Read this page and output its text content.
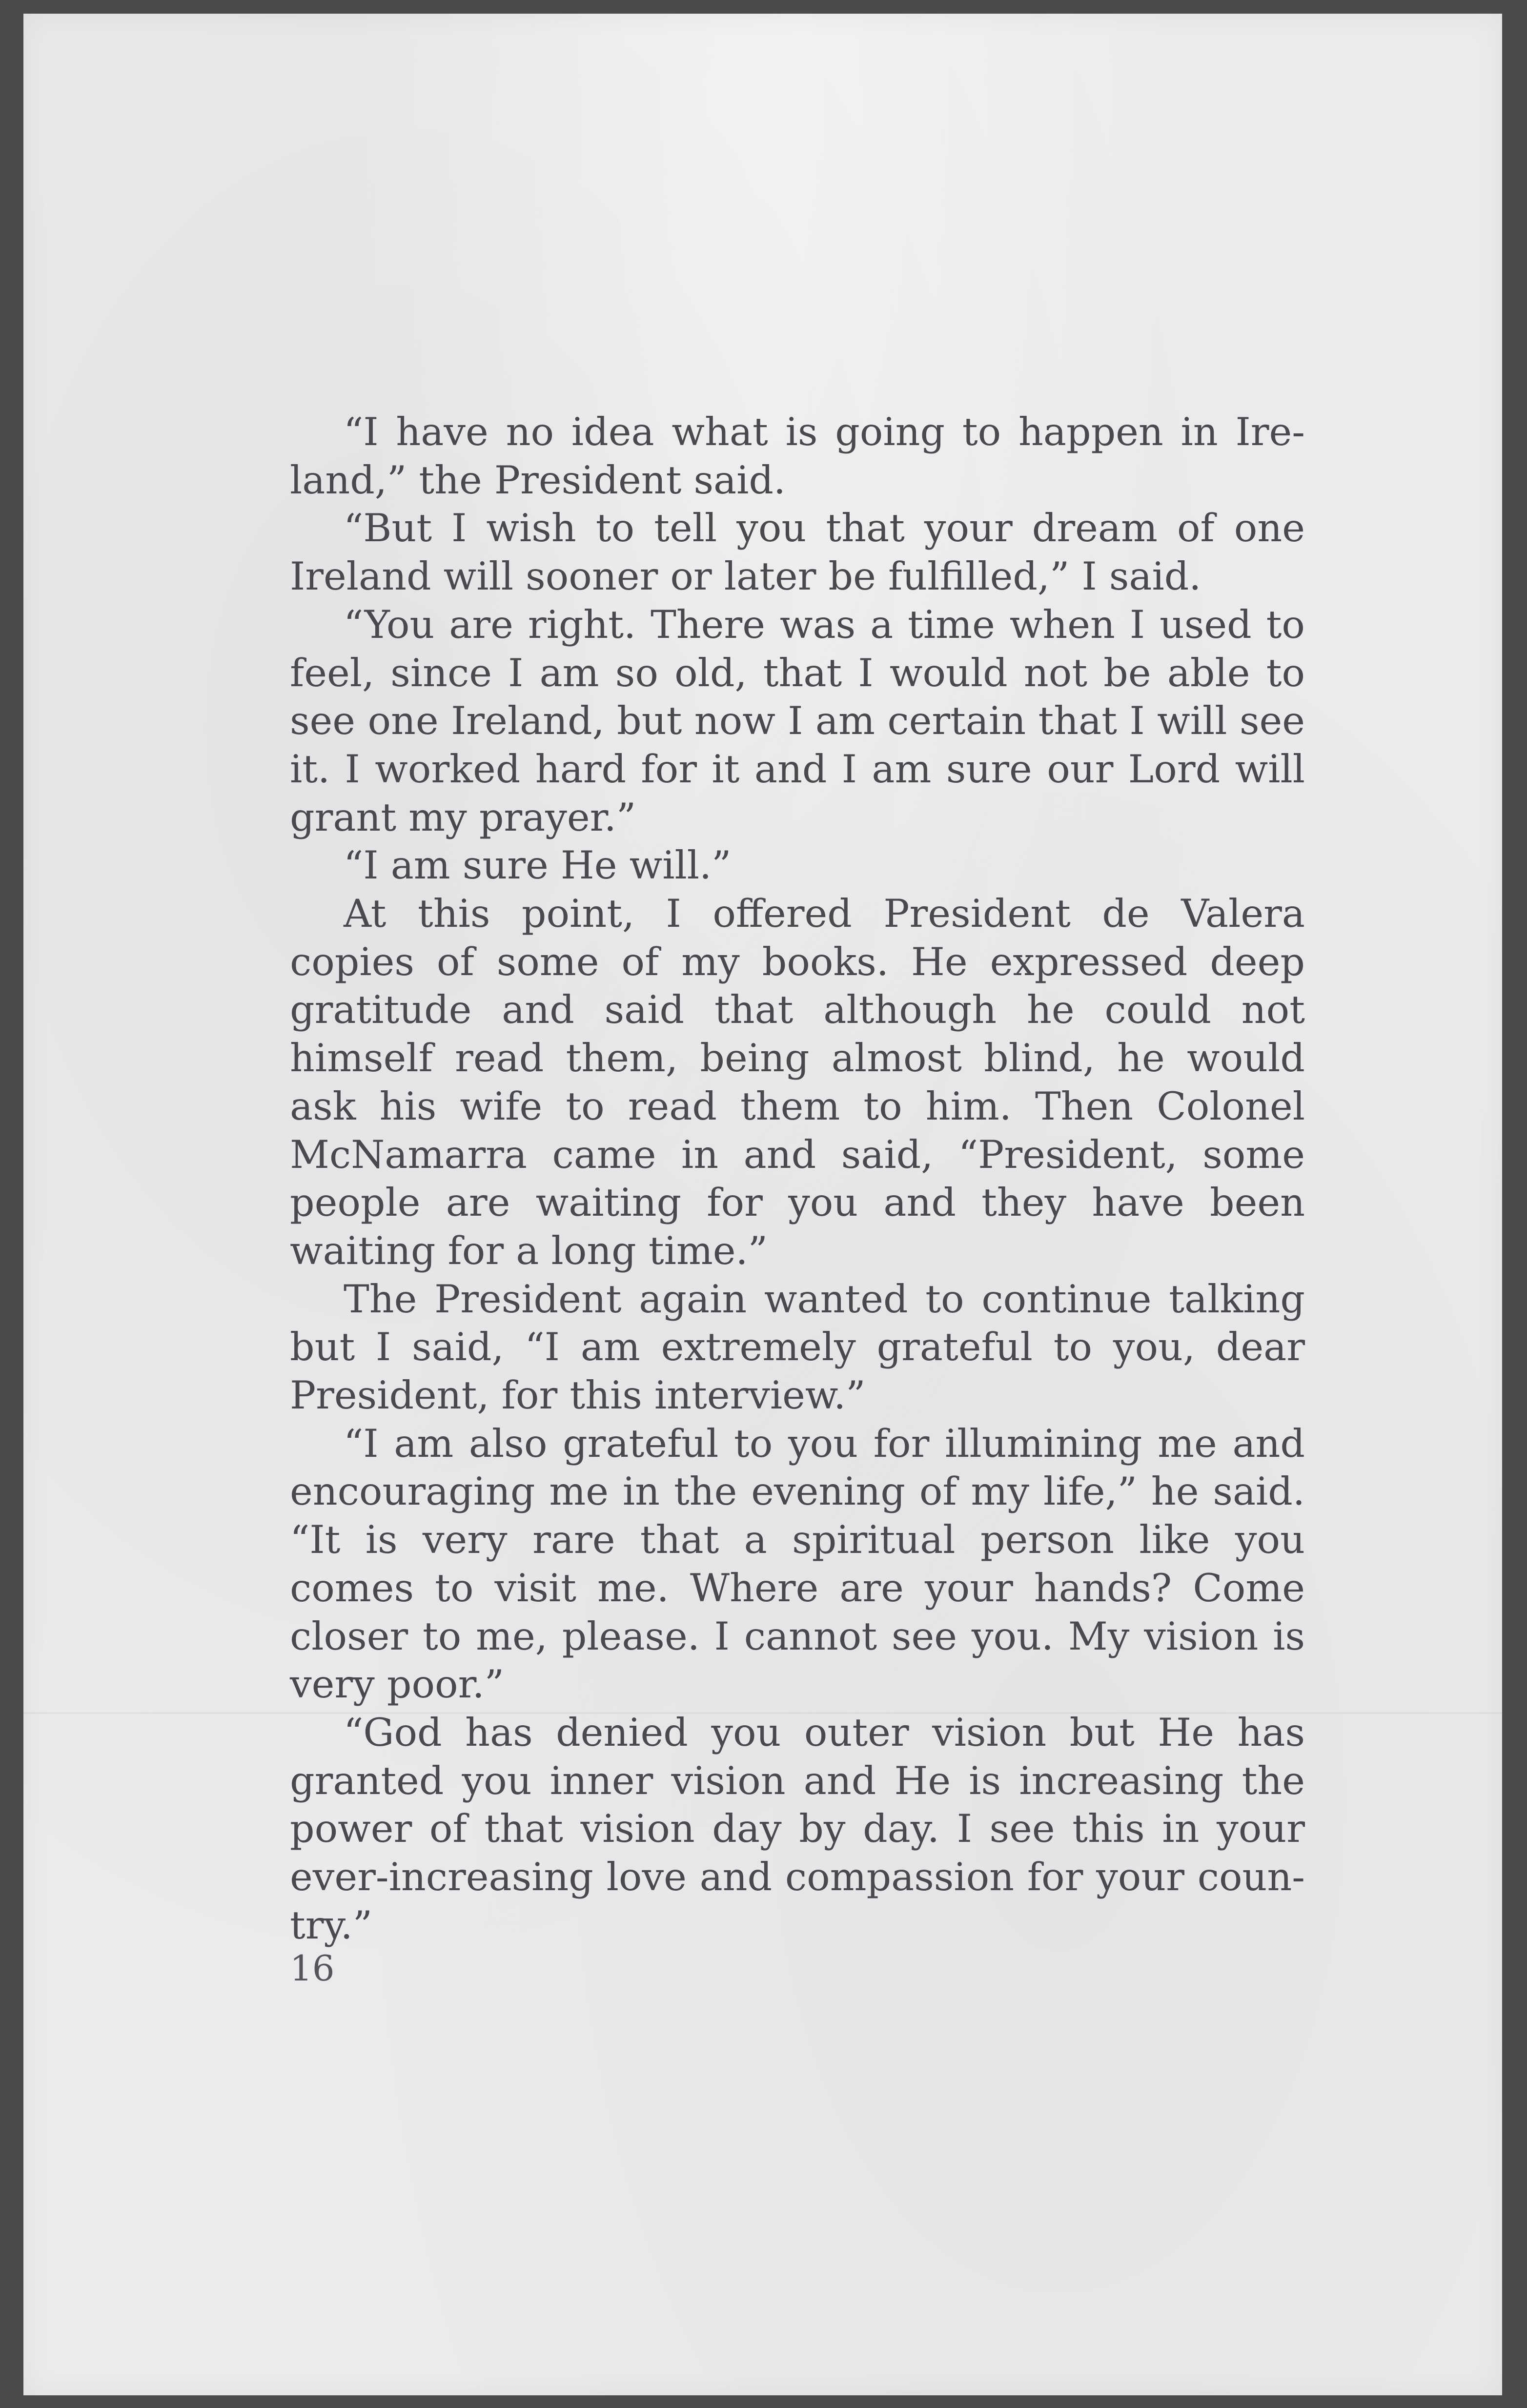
“I have no idea what is going to happen in Ireland,” the President said.

“But I wish to tell you that your dream of one Ireland will sooner or later be fulfilled,” I said.

“You are right. There was a time when I used to feel, since I am so old, that I would not be able to see one Ireland, but now I am certain that I will see it. I worked hard for it and I am sure our Lord will grant my prayer.”

“I am sure He will.”

At this point, I offered President de Valera copies of some of my books. He expressed deep gratitude and said that although he could not himself read them, being almost blind, he would ask his wife to read them to him. Then Colonel McNamarra came in and said, “President, some people are waiting for you and they have been waiting for a long time.”

The President again wanted to continue talking but I said, “I am extremely grateful to you, dear President, for this interview.”

“I am also grateful to you for illumining me and encouraging me in the evening of my life,” he said. “It is very rare that a spiritual person like you comes to visit me. Where are your hands? Come closer to me, please. I cannot see you. My vision is very poor.”

“God has denied you outer vision but He has granted you inner vision and He is increasing the power of that vision day by day. I see this in your ever-increasing love and compassion for your country.”

16
